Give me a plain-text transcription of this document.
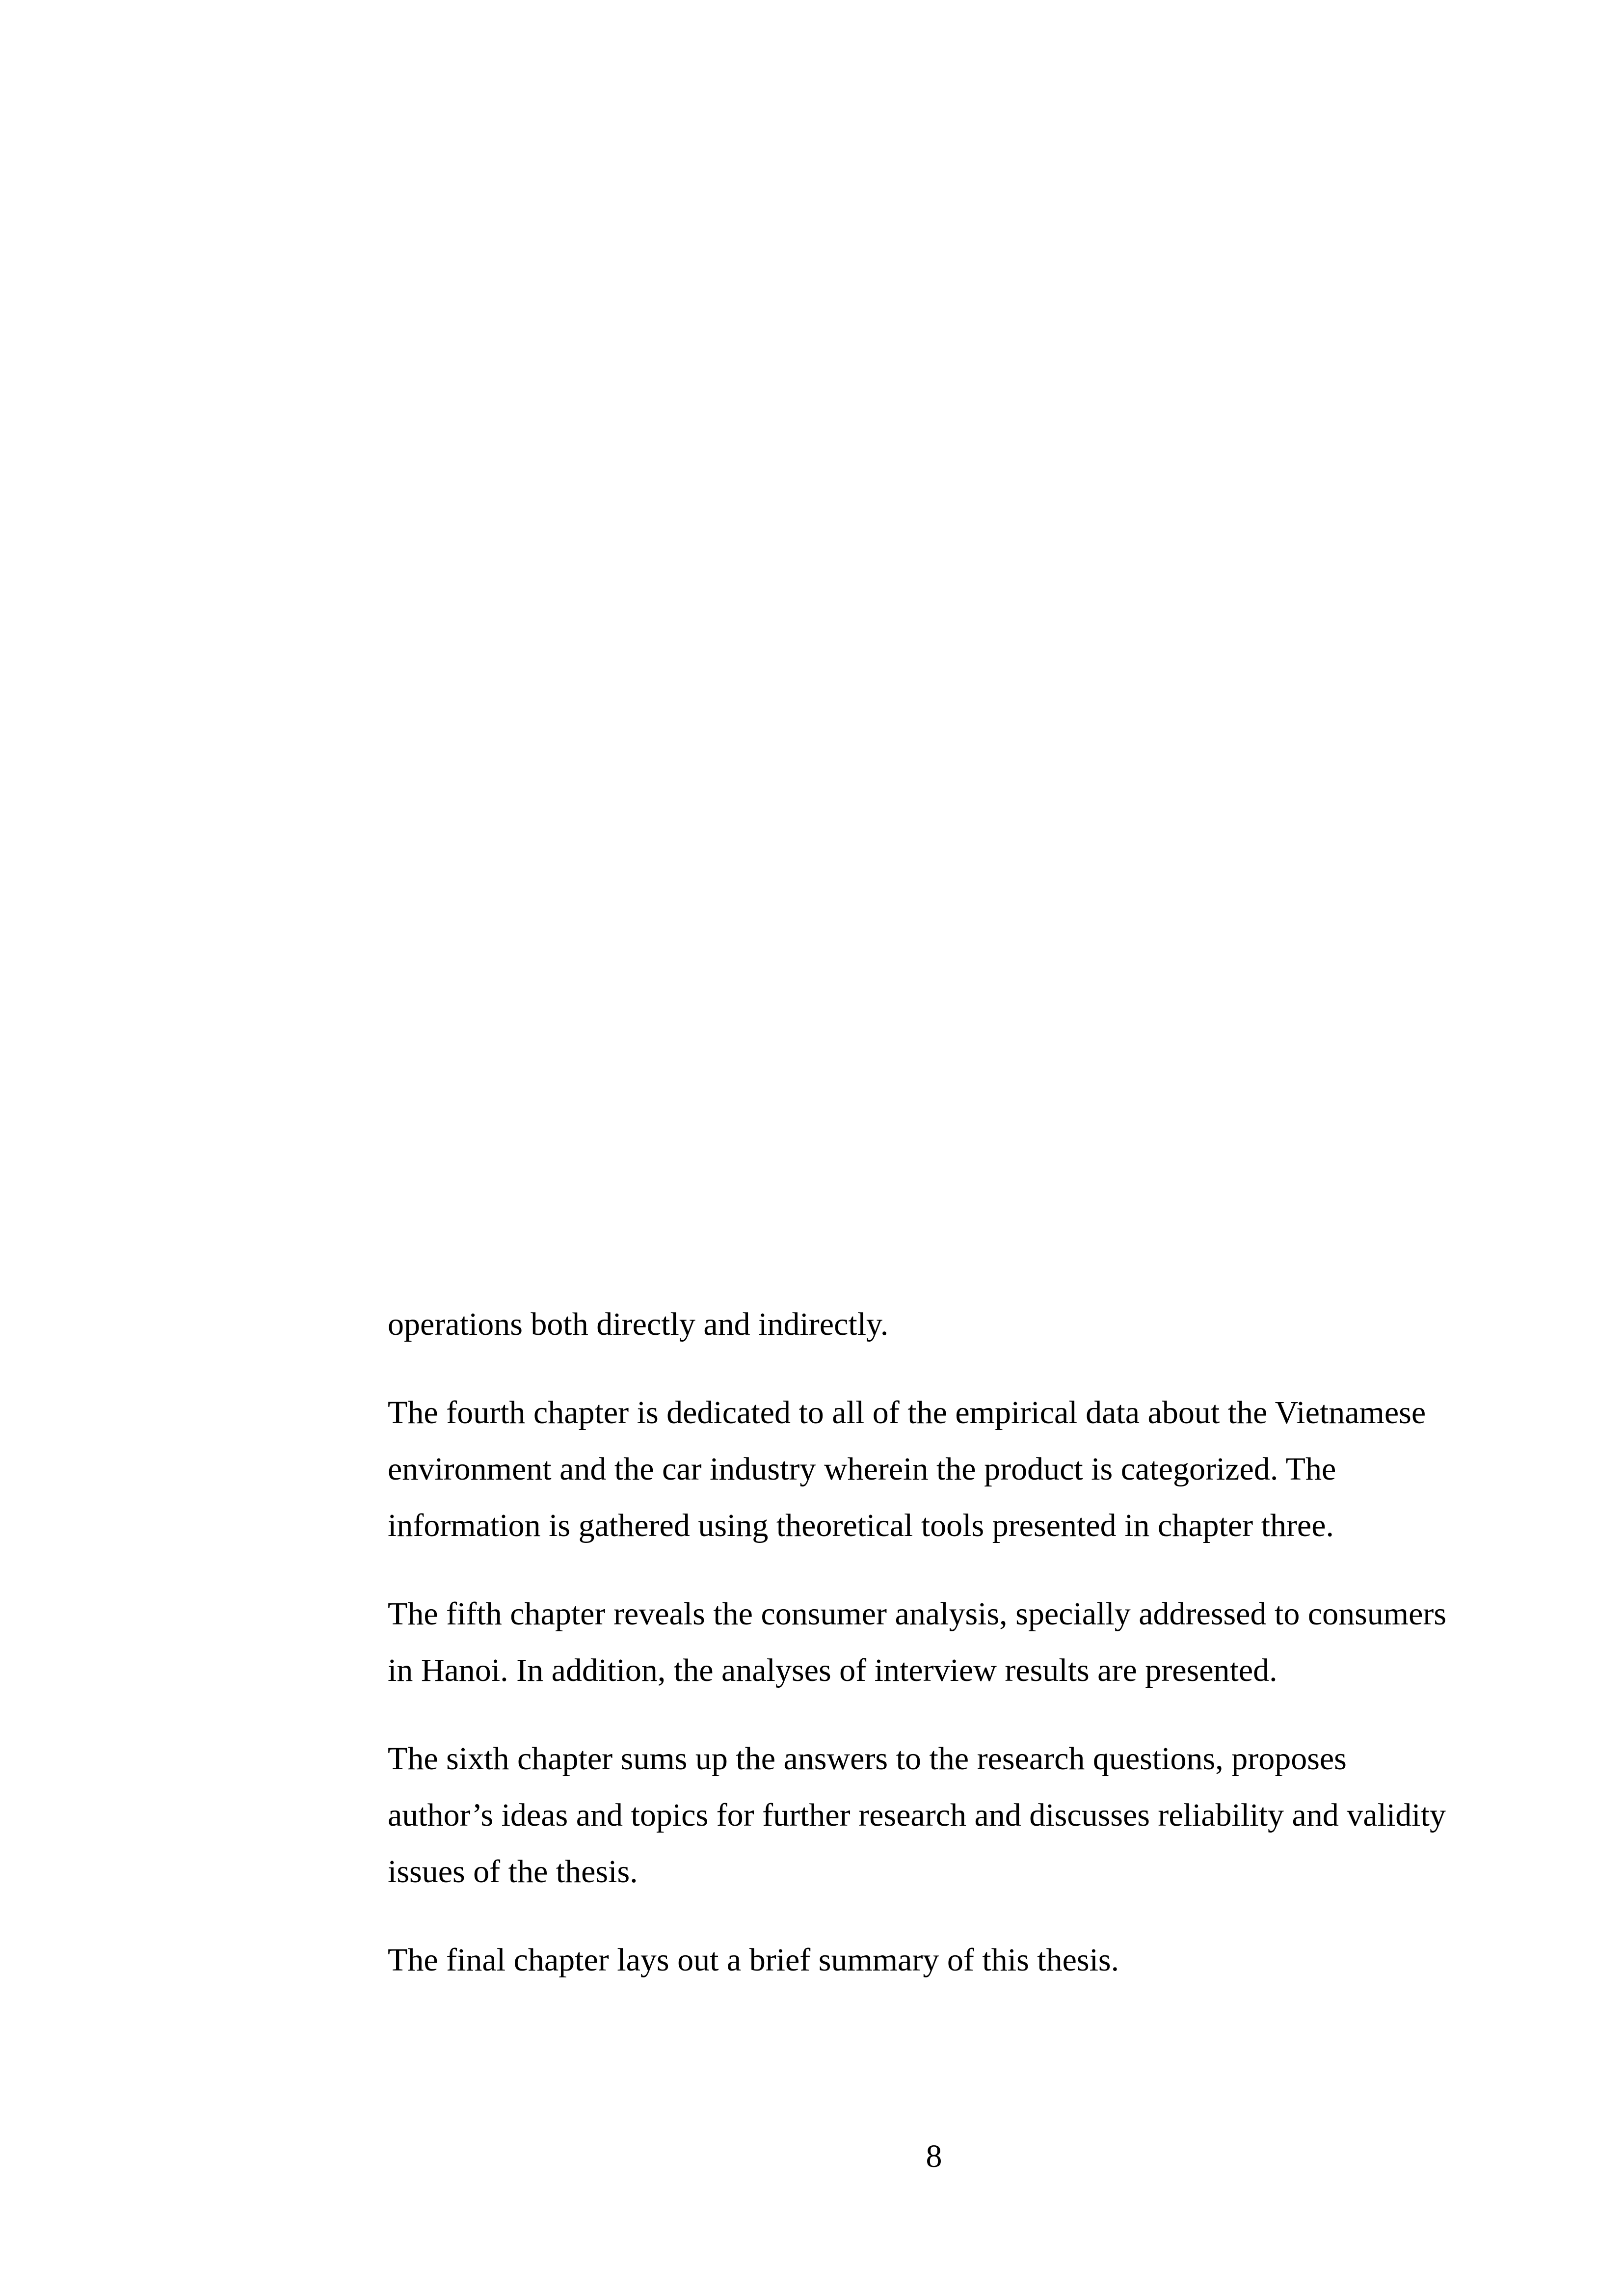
operations both directly and indirectly.

The fourth chapter is dedicated to all of the empirical data about the Vietnamese
environment and the car industry wherein the product is categorized. The
information is gathered using theoretical tools presented in chapter three.

The fifth chapter reveals the consumer analysis, specially addressed to consumers
in Hanoi. In addition, the analyses of interview results are presented.

The sixth chapter sums up the answers to the research questions, proposes
author’s ideas and topics for further research and discusses reliability and validity
issues of the thesis.

The final chapter lays out a brief summary of this thesis.

8
